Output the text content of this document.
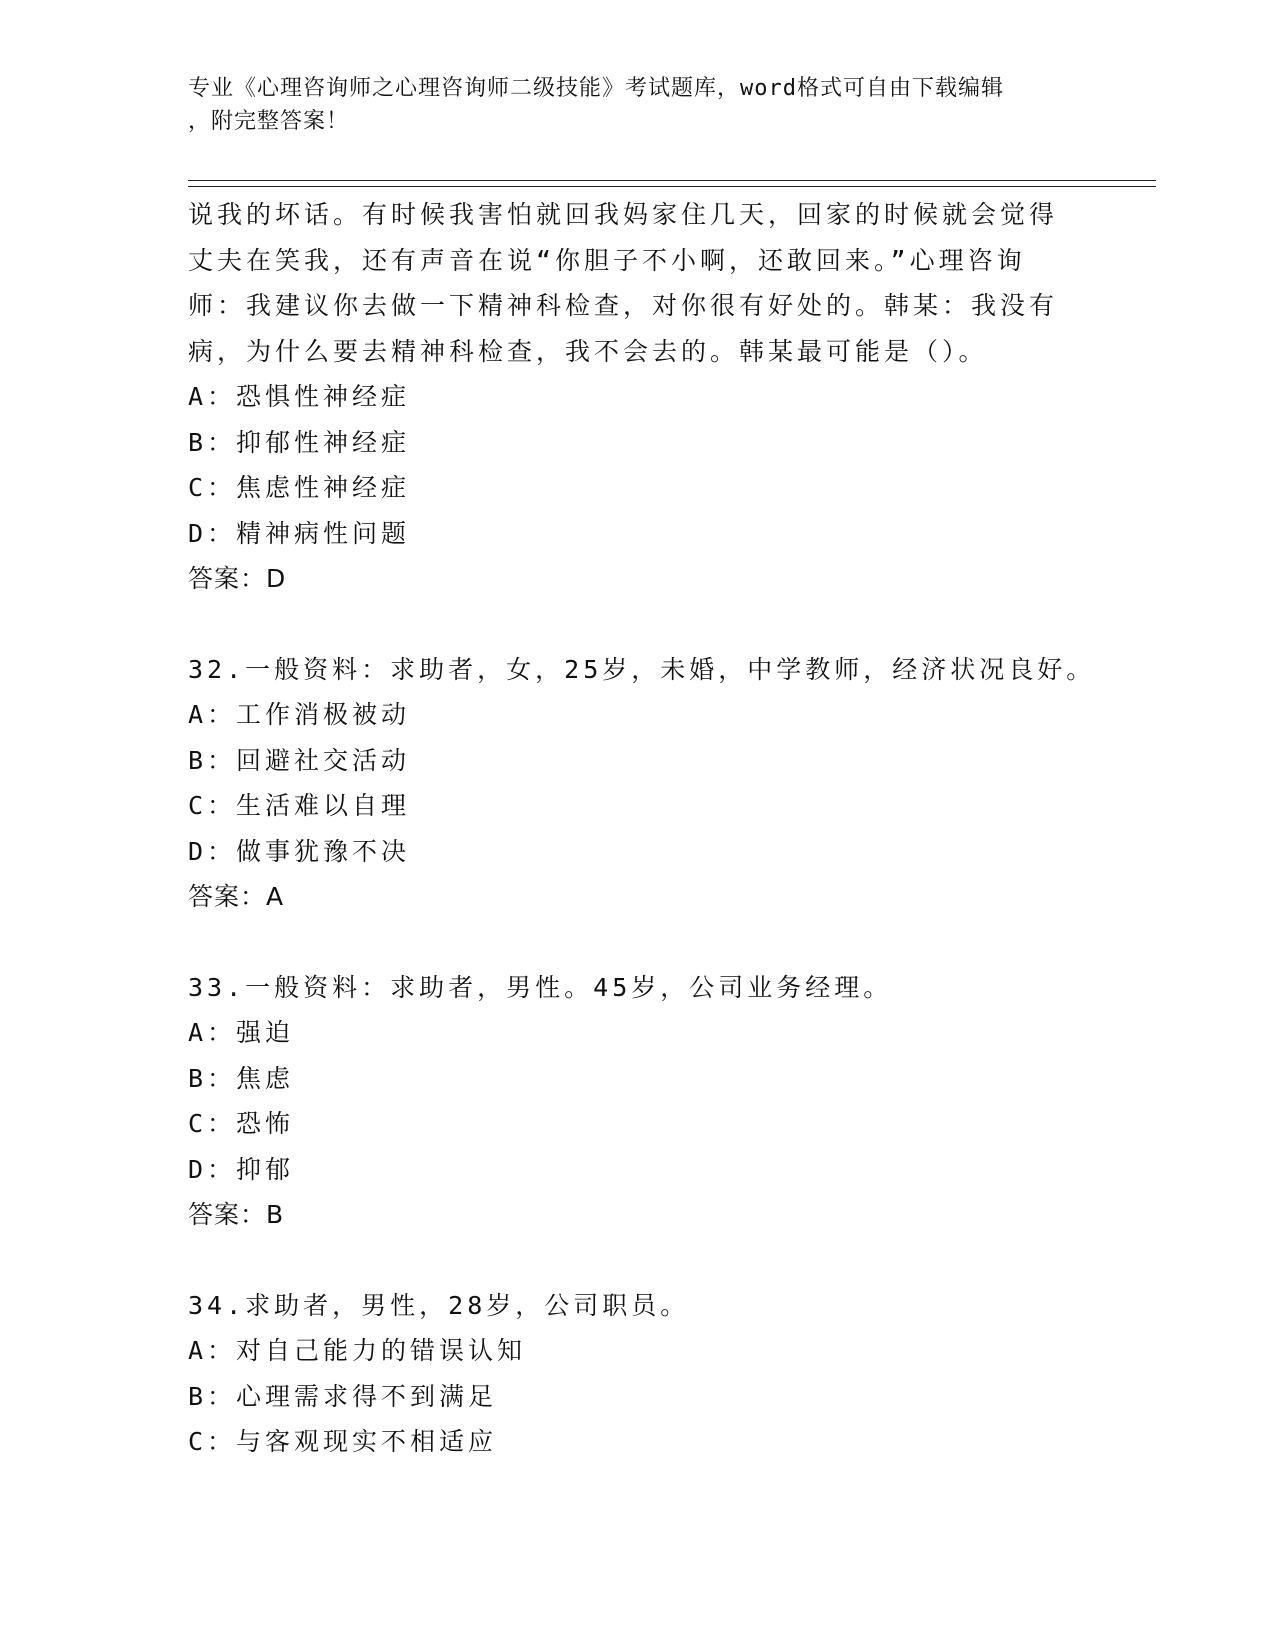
专业《心理咨询师之心理咨询师二级技能》考试题库，word格式可自由下载编辑
，附完整答案！
说我的坏话。有时候我害怕就回我妈家住几天，回家的时候就会觉得
丈夫在笑我，还有声音在说“你胆子不小啊，还敢回来。”心理咨询
师：我建议你去做一下精神科检查，对你很有好处的。韩某：我没有
病，为什么要去精神科检查，我不会去的。韩某最可能是（）。
A：恐惧性神经症
B：抑郁性神经症
C：焦虑性神经症
D：精神病性问题
答案：D
32.一般资料：求助者，女，25岁，未婚，中学教师，经济状况良好。
A：工作消极被动
B：回避社交活动
C：生活难以自理
D：做事犹豫不决
答案：A
33.一般资料：求助者，男性。45岁，公司业务经理。
A：强迫
B：焦虑
C：恐怖
D：抑郁
答案：B
34.求助者，男性，28岁，公司职员。
A：对自己能力的错误认知
B：心理需求得不到满足
C：与客观现实不相适应
